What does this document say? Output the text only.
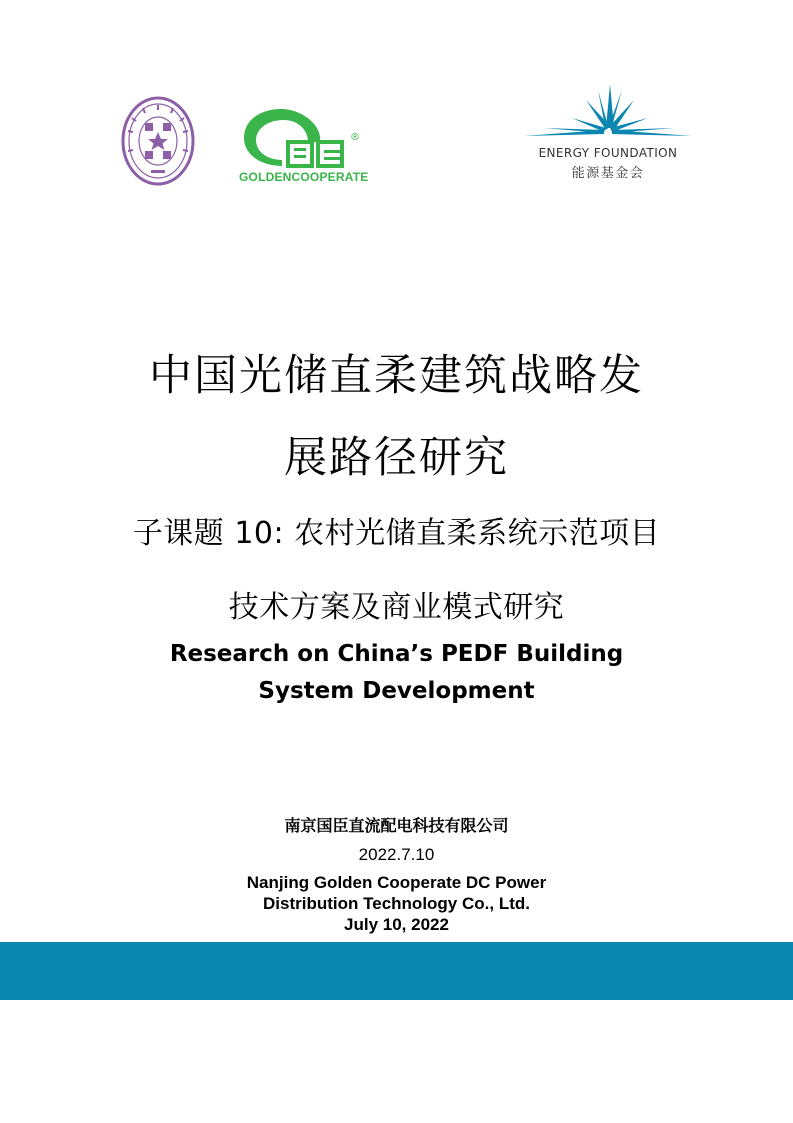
®
GOLDENCOOPERATE
ENERGY FOUNDATION
能源基金会
中国光储直柔建筑战略发
展路径研究
子课题 10: 农村光储直柔系统示范项目
技术方案及商业模式研究
Research on China’s PEDF Building
System Development
南京国臣直流配电科技有限公司
2022.7.10
Nanjing Golden Cooperate DC Power
Distribution Technology Co., Ltd.
July 10, 2022
